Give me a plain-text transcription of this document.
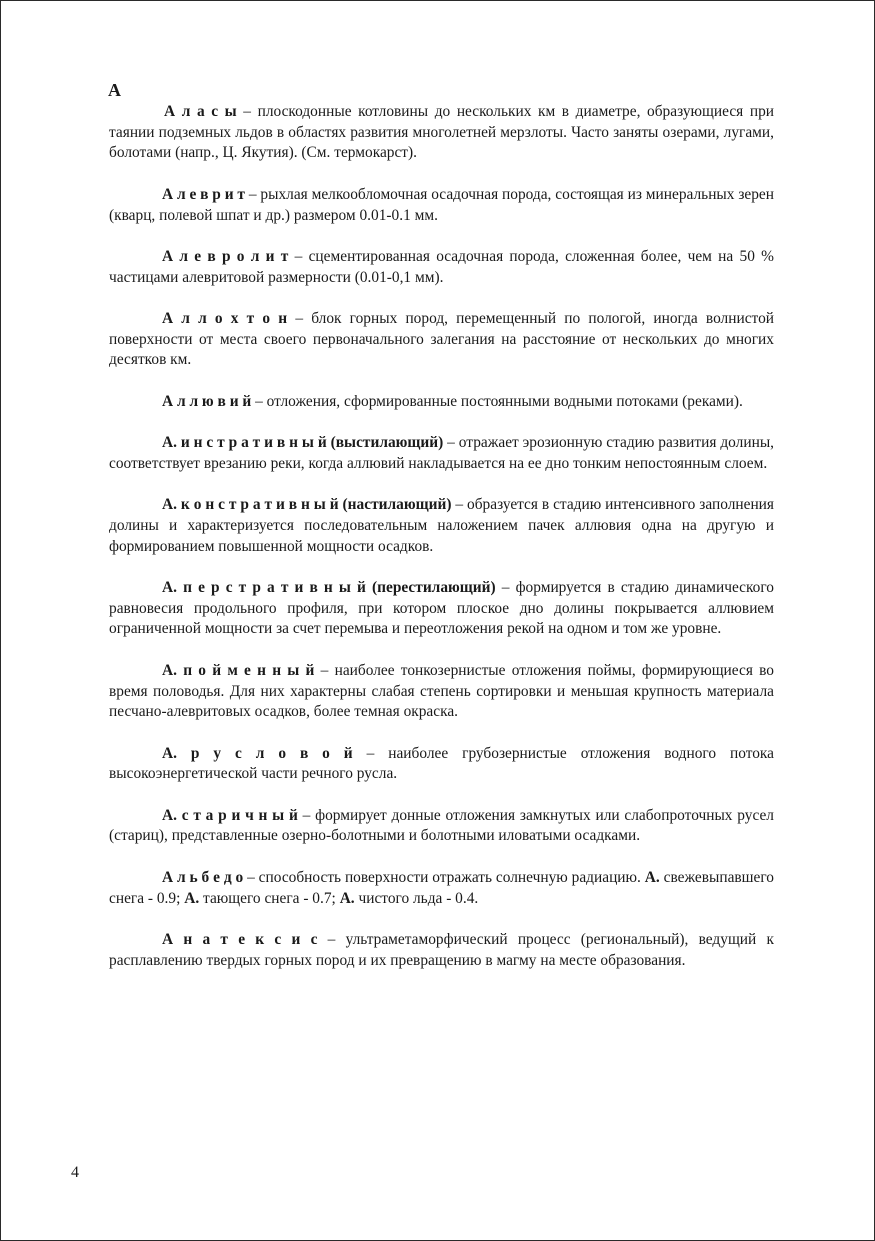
А

А л а с ы – плоскодонные котловины до нескольких км в диаметре, образующиеся при таянии подземных льдов в областях развития многолетней мерзлоты. Часто заняты озерами, лугами, болотами (напр., Ц. Якутия). (См. термокарст).

А л е в р и т – рыхлая мелкообломочная осадочная порода, состоящая из минеральных зерен (кварц, полевой шпат и др.) размером 0.01-0.1 мм.

А л е в р о л и т – сцементированная осадочная порода, сложенная более, чем на 50 % частицами алевритовой размерности (0.01-0,1 мм).

А л л о х т о н – блок горных пород, перемещенный по пологой, иногда волнистой поверхности от места своего первоначального залегания на расстояние от нескольких до многих десятков км.

А л л ю в и й – отложения, сформированные постоянными водными потоками (реками).

А. и н с т р а т и в н ы й (выстилающий) – отражает эрозионную стадию развития долины, соответствует врезанию реки, когда аллювий накладывается на ее дно тонким непостоянным слоем.

А. к о н с т р а т и в н ы й (настилающий) – образуется в стадию интенсивного заполнения долины и характеризуется последовательным наложением пачек аллювия одна на другую и формированием повышенной мощности осадков.

А. п е р с т р а т и в н ы й (перестилающий) – формируется в стадию динамического равновесия продольного профиля, при котором плоское дно долины покрывается аллювием ограниченной мощности за счет перемыва и переотложения рекой на одном и том же уровне.

А. п о й м е н н ы й – наиболее тонкозернистые отложения поймы, формирующиеся во время половодья. Для них характерны слабая степень сортировки и меньшая крупность материала песчано-алевритовых осадков, более темная окраска.

А. р у с л о в о й – наиболее грубозернистые отложения водного потока высокоэнергетической части речного русла.

А. с т а р и ч н ы й – формирует донные отложения замкнутых или слабопроточных русел (стариц), представленные озерно-болотными и болотными иловатыми осадками.

А л ь б е д о – способность поверхности отражать солнечную радиацию. А. свежевыпавшего снега - 0.9; А. тающего снега - 0.7; А. чистого льда - 0.4.

А н а т е к с и с – ультраметаморфический процесс (региональный), ведущий к расплавлению твердых горных пород и их превращению в магму на месте образования.

4
